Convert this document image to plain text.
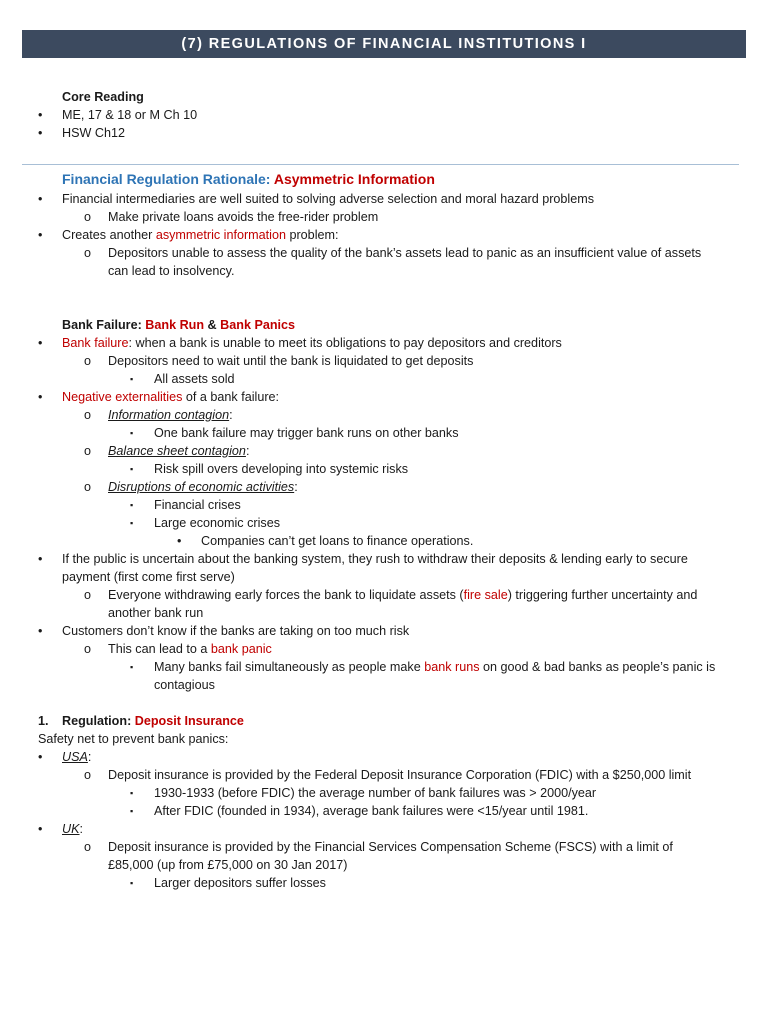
(7) REGULATIONS OF FINANCIAL INSTITUTIONS I
Core Reading
• ME, 17 & 18 or M Ch 10
• HSW Ch12
Financial Regulation Rationale: Asymmetric Information
• Financial intermediaries are well suited to solving adverse selection and moral hazard problems
o Make private loans avoids the free-rider problem
• Creates another asymmetric information problem:
o Depositors unable to assess the quality of the bank’s assets lead to panic as an insufficient value of assets can lead to insolvency.
Bank Failure: Bank Run & Bank Panics
• Bank failure: when a bank is unable to meet its obligations to pay depositors and creditors
o Depositors need to wait until the bank is liquidated to get deposits
▪ All assets sold
• Negative externalities of a bank failure:
o Information contagion:
▪ One bank failure may trigger bank runs on other banks
o Balance sheet contagion:
▪ Risk spill overs developing into systemic risks
o Disruptions of economic activities:
▪ Financial crises
▪ Large economic crises
• Companies can’t get loans to finance operations.
• If the public is uncertain about the banking system, they rush to withdraw their deposits & lending early to secure payment (first come first serve)
o Everyone withdrawing early forces the bank to liquidate assets (fire sale) triggering further uncertainty and another bank run
• Customers don’t know if the banks are taking on too much risk
o This can lead to a bank panic
▪ Many banks fail simultaneously as people make bank runs on good & bad banks as people’s panic is contagious
1. Regulation: Deposit Insurance
Safety net to prevent bank panics:
• USA:
o Deposit insurance is provided by the Federal Deposit Insurance Corporation (FDIC) with a $250,000 limit
▪ 1930-1933 (before FDIC) the average number of bank failures was > 2000/year
▪ After FDIC (founded in 1934), average bank failures were <15/year until 1981.
• UK:
o Deposit insurance is provided by the Financial Services Compensation Scheme (FSCS) with a limit of £85,000 (up from £75,000 on 30 Jan 2017)
▪ Larger depositors suffer losses
